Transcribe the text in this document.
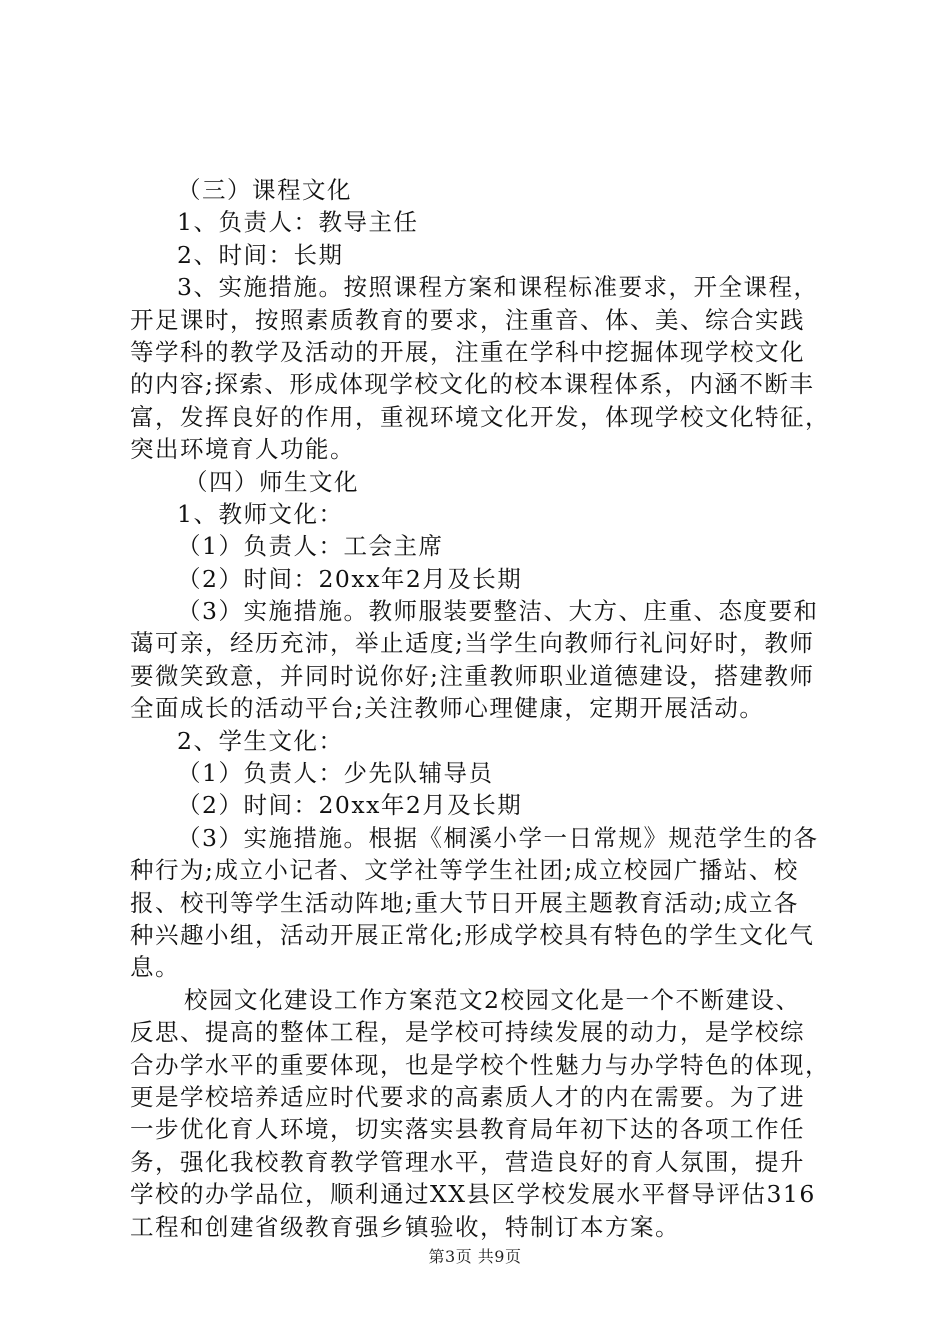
（三）课程文化
1、负责人：教导主任
2、时间：长期
3、实施措施。按照课程方案和课程标准要求，开全课程，
开足课时，按照素质教育的要求，注重音、体、美、综合实践
等学科的教学及活动的开展，注重在学科中挖掘体现学校文化
的内容;探索、形成体现学校文化的校本课程体系，内涵不断丰
富，发挥良好的作用，重视环境文化开发，体现学校文化特征，
突出环境育人功能。
（四）师生文化
1、教师文化：
（1）负责人：工会主席
（2）时间：20xx年2月及长期
（3）实施措施。教师服装要整洁、大方、庄重、态度要和
蔼可亲，经历充沛，举止适度;当学生向教师行礼问好时，教师
要微笑致意，并同时说你好;注重教师职业道德建设，搭建教师
全面成长的活动平台;关注教师心理健康，定期开展活动。
2、学生文化：
（1）负责人：少先队辅导员
（2）时间：20xx年2月及长期
（3）实施措施。根据《桐溪小学一日常规》规范学生的各
种行为;成立小记者、文学社等学生社团;成立校园广播站、校
报、校刊等学生活动阵地;重大节日开展主题教育活动;成立各
种兴趣小组，活动开展正常化;形成学校具有特色的学生文化气
息。
校园文化建设工作方案范文2校园文化是一个不断建设、
反思、提高的整体工程，是学校可持续发展的动力，是学校综
合办学水平的重要体现，也是学校个性魅力与办学特色的体现，
更是学校培养适应时代要求的高素质人才的内在需要。为了进
一步优化育人环境，切实落实县教育局年初下达的各项工作任
务，强化我校教育教学管理水平，营造良好的育人氛围，提升
学校的办学品位，顺利通过XX县区学校发展水平督导评估316
工程和创建省级教育强乡镇验收，特制订本方案。
第3页 共9页
